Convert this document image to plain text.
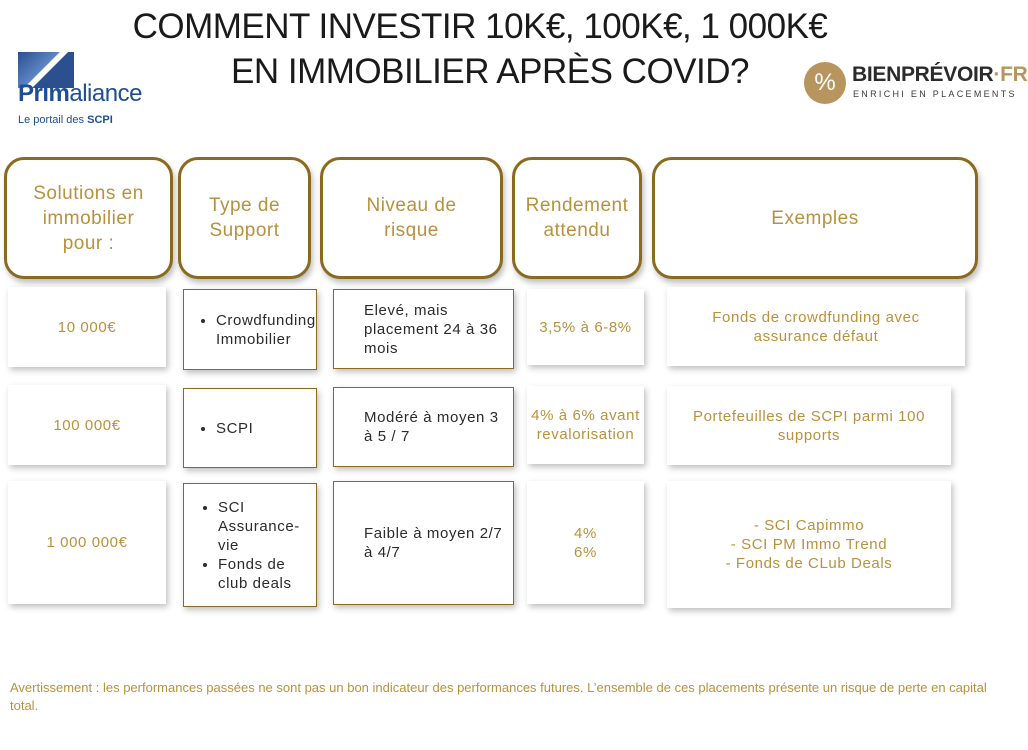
COMMENT INVESTIR 10K€, 100K€, 1 000K€
EN IMMOBILIER APRÈS COVID?
Primaliance
Le portail des SCPI
% BIENPRÉVOIR·FR
ENRICHI EN PLACEMENTS
Solutions en immobilier pour :
Type de Support
Niveau de risque
Rendement attendu
Exemples
10 000€	• Crowdfunding Immobilier
Elevé, mais placement 24 à 36 mois
3,5% à 6-8%
Fonds de crowdfunding avec assurance défaut
100 000€	• SCPI
Modéré à moyen 3 à 5 / 7
4% à 6% avant revalorisation
Portefeuilles de SCPI parmi 100 supports
1 000 000€
• SCI Assurance-vie
• Fonds de club deals
Faible à moyen 2/7 à 4/7
4%
6%
- SCI Capimmo
- SCI PM Immo Trend
- Fonds de CLub Deals
Avertissement : les performances passées ne sont pas un bon indicateur des performances futures. L’ensemble de ces placements présente un risque de perte en capital total.
